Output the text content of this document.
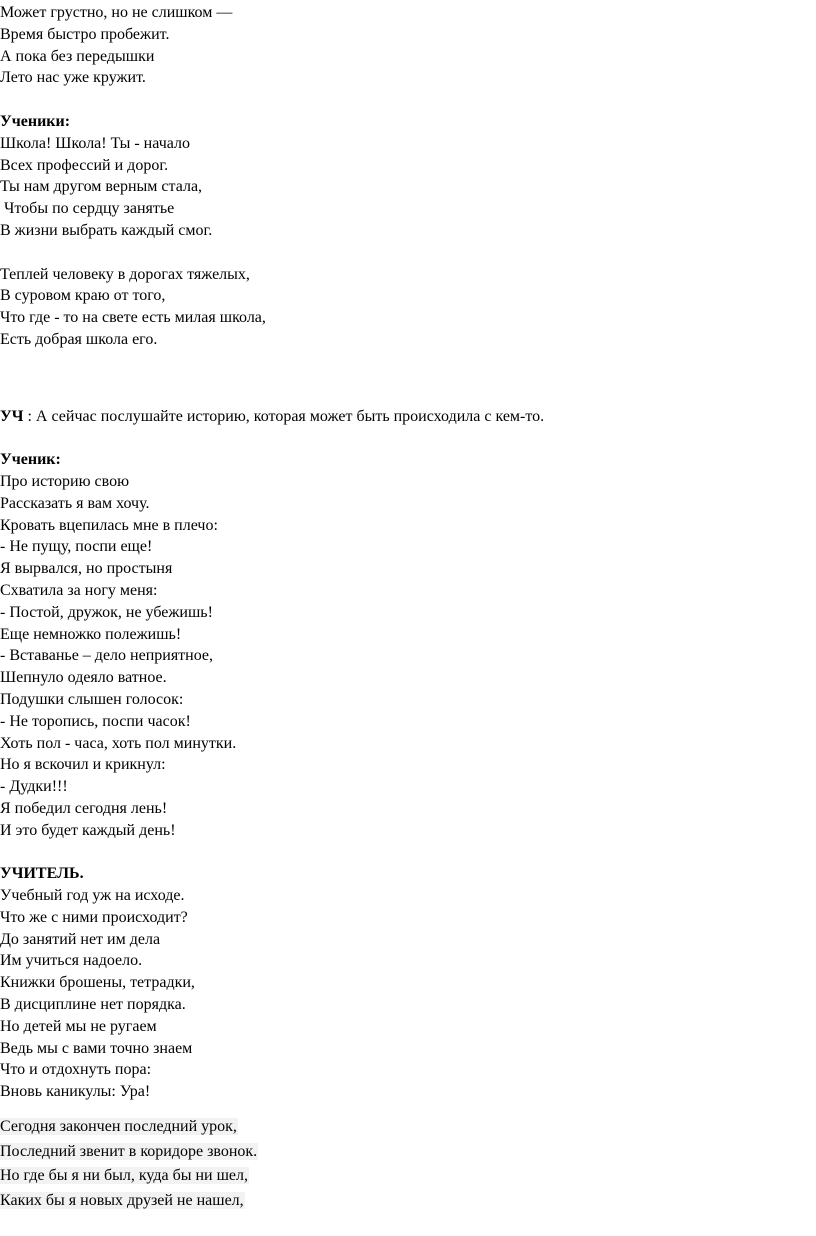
Может грустно, но не слишком —

Время быстро пробежит.

А пока без передышки

Лето нас уже кружит.

Ученики:

Школа! Школа! Ты - начало

Всех профессий и дорог.

Ты нам другом верным стала,

Чтобы по сердцу занятье

В жизни выбрать каждый смог.

Теплей человеку в дорогах тяжелых,

В суровом краю от того,

Что где - то на свете есть милая школа,

Есть добрая школа его.

УЧ : А сейчас послушайте историю, которая может быть происходила с кем-то.

Ученик:

Про историю свою

Рассказать я вам хочу.

Кровать вцепилась мне в плечо:

- Не пущу, поспи еще!

Я вырвался, но простыня

Схватила за ногу меня:

- Постой, дружок, не убежишь!

Еще немножко полежишь!

- Вставанье – дело неприятное,

Шепнуло одеяло ватное.

Подушки слышен голосок:

- Не торопись, поспи часок!

Хоть пол - часа, хоть пол минутки.

Но я вскочил и крикнул:

- Дудки!!!

Я победил сегодня лень!

И это будет каждый день!

УЧИТЕЛЬ.

Учебный год уж на исходе.

Что же с ними происходит?

До занятий нет им дела

Им учиться надоело.

Книжки брошены, тетрадки,

В дисциплине нет порядка.

Но детей мы не ругаем

Ведь мы с вами точно знаем

Что и отдохнуть пора:

Вновь каникулы: Ура!

Сегодня закончен последний урок,
Последний звенит в коридоре звонок.
Но где бы я ни был, куда бы ни шел,
Каких бы я новых друзей не нашел,
